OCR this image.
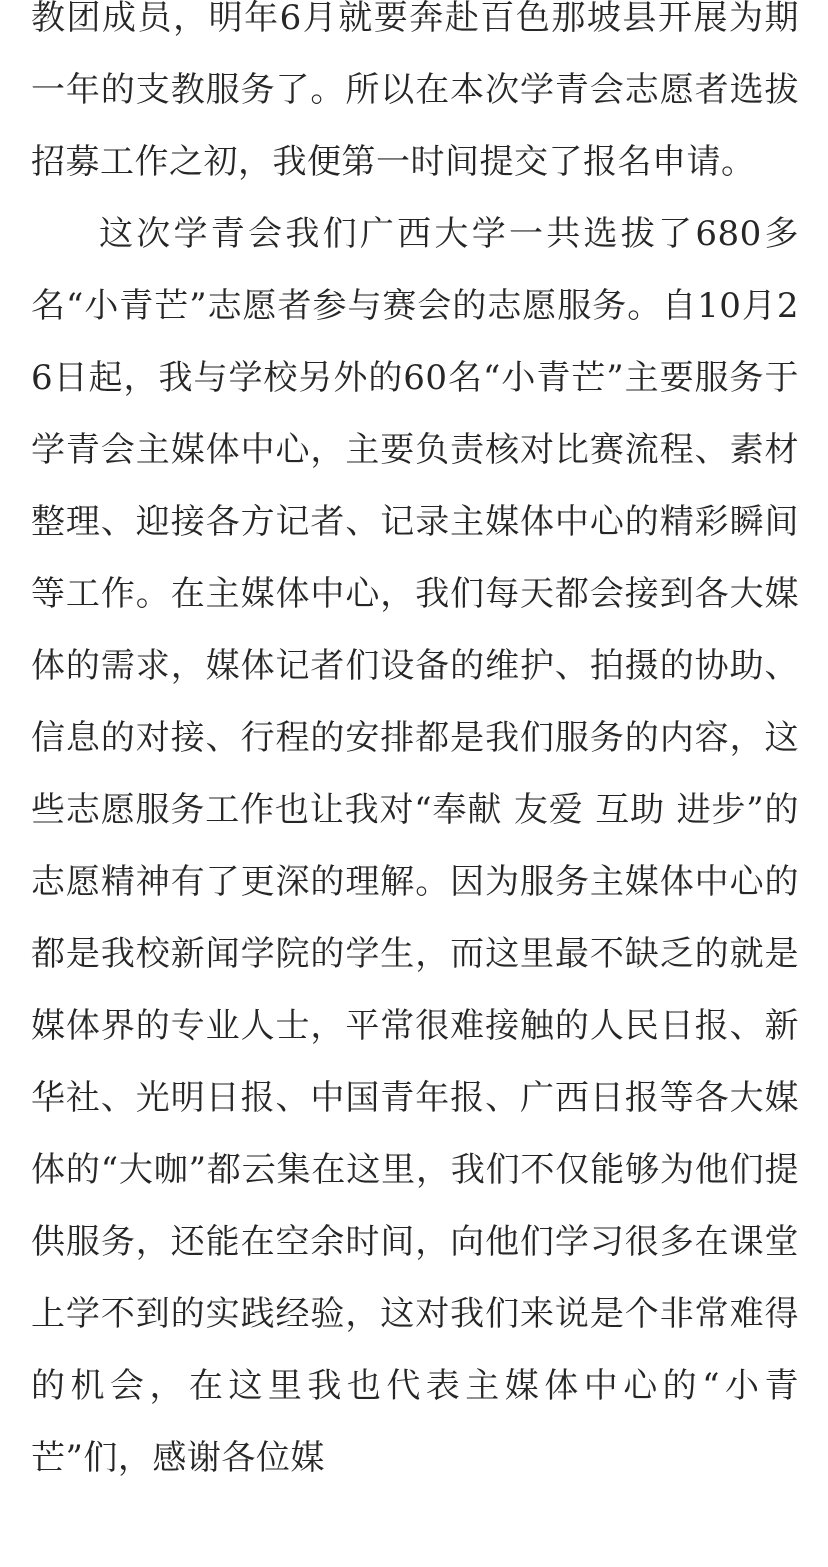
教团成员，明年6月就要奔赴百色那坡县开展为期一年的支教服务了。所以在本次学青会志愿者选拔招募工作之初，我便第一时间提交了报名申请。

这次学青会我们广西大学一共选拔了680多名“小青芒”志愿者参与赛会的志愿服务。自10月26日起，我与学校另外的60名“小青芒”主要服务于学青会主媒体中心，主要负责核对比赛流程、素材整理、迎接各方记者、记录主媒体中心的精彩瞬间等工作。在主媒体中心，我们每天都会接到各大媒体的需求，媒体记者们设备的维护、拍摄的协助、信息的对接、行程的安排都是我们服务的内容，这些志愿服务工作也让我对“奉献 友爱 互助 进步”的志愿精神有了更深的理解。因为服务主媒体中心的都是我校新闻学院的学生，而这里最不缺乏的就是媒体界的专业人士，平常很难接触的人民日报、新华社、光明日报、中国青年报、广西日报等各大媒体的“大咖”都云集在这里，我们不仅能够为他们提供服务，还能在空余时间，向他们学习很多在课堂上学不到的实践经验，这对我们来说是个非常难得的机会，在这里我也代表主媒体中心的“小青芒”们，感谢各位媒
